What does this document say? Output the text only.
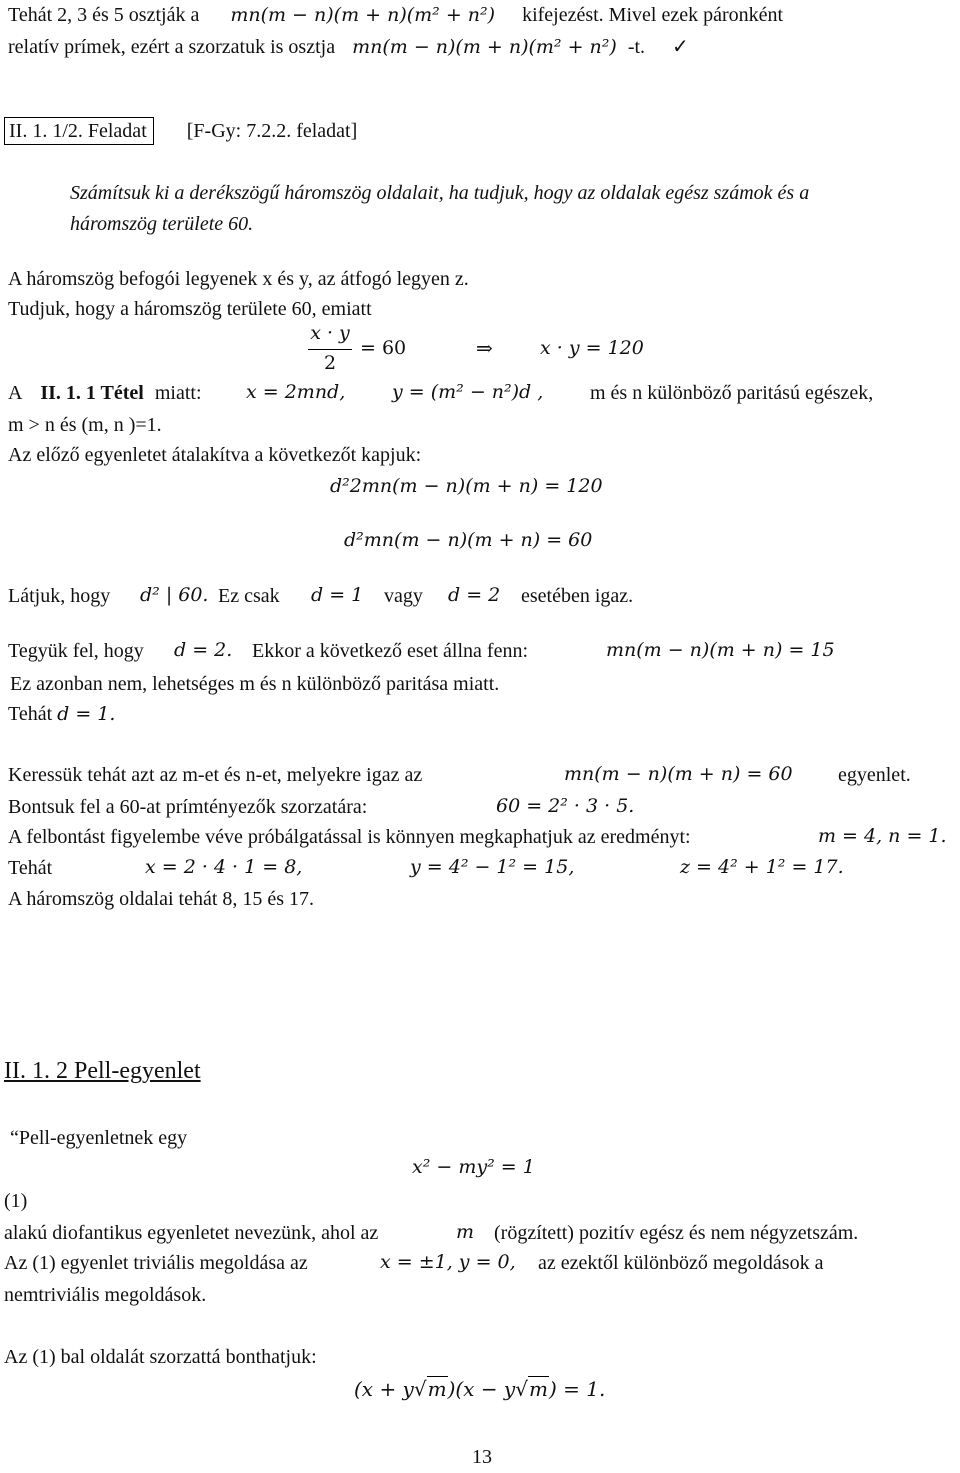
Tehát 2, 3 és 5 osztják a mn(m − n)(m + n)(m² + n²) kifejezést. Mivel ezek páronként
relatív prímek, ezért a szorzatuk is osztja mn(m − n)(m + n)(m² + n²) -t. ✓
II. 1. 1/2. Feladat [F-Gy: 7.2.2. feladat]
Számítsuk ki a derékszögű háromszög oldalait, ha tudjuk, hogy az oldalak egész számok és a
háromszög területe 60.
A háromszög befogói legyenek x és y, az átfogó legyen z.
Tudjuk, hogy a háromszög területe 60, emiatt
x · y
2
= 60	⇒ x · y = 120
A II. 1. 1 Tétel miatt: x = 2mnd, y = (m² − n²)d , m és n különböző paritású egészek,
m > n és (m, n )=1.
Az előző egyenletet átalakítva a következőt kapjuk:
d²2mn(m − n)(m + n) = 120
d²mn(m − n)(m + n) = 60
Látjuk, hogy d² | 60. Ez csak d = 1 vagy d = 2 esetében igaz.
Tegyük fel, hogy d = 2. Ekkor a következő eset állna fenn:	mn(m − n)(m + n) = 15
Ez azonban nem, lehetséges m és n különböző paritása miatt.
Tehát d = 1.
Keressük tehát azt az m-et és n-et, melyekre igaz az	mn(m − n)(m + n) = 60 egyenlet.
Bontsuk fel a 60-at prímtényezők szorzatára:	60 = 2² · 3 · 5.
A felbontást figyelembe véve próbálgatással is könnyen megkaphatjuk az eredményt:	m = 4, n = 1.
Tehát	x = 2 · 4 · 1 = 8,	y = 4² − 1² = 15,	z = 4² + 1² = 17.
A háromszög oldalai tehát 8, 15 és 17.
II. 1. 2 Pell-egyenlet
“Pell-egyenletnek egy
x² − my² = 1
(1)
alakú diofantikus egyenletet nevezünk, ahol az	m (rögzített) pozitív egész és nem négyzetszám.
Az (1) egyenlet triviális megoldása az	x = ±1, y = 0, az ezektől különböző megoldások a
nemtriviális megoldások.
Az (1) bal oldalát szorzattá bonthatjuk:
(x + y√m)(x − y√m) = 1.
13
